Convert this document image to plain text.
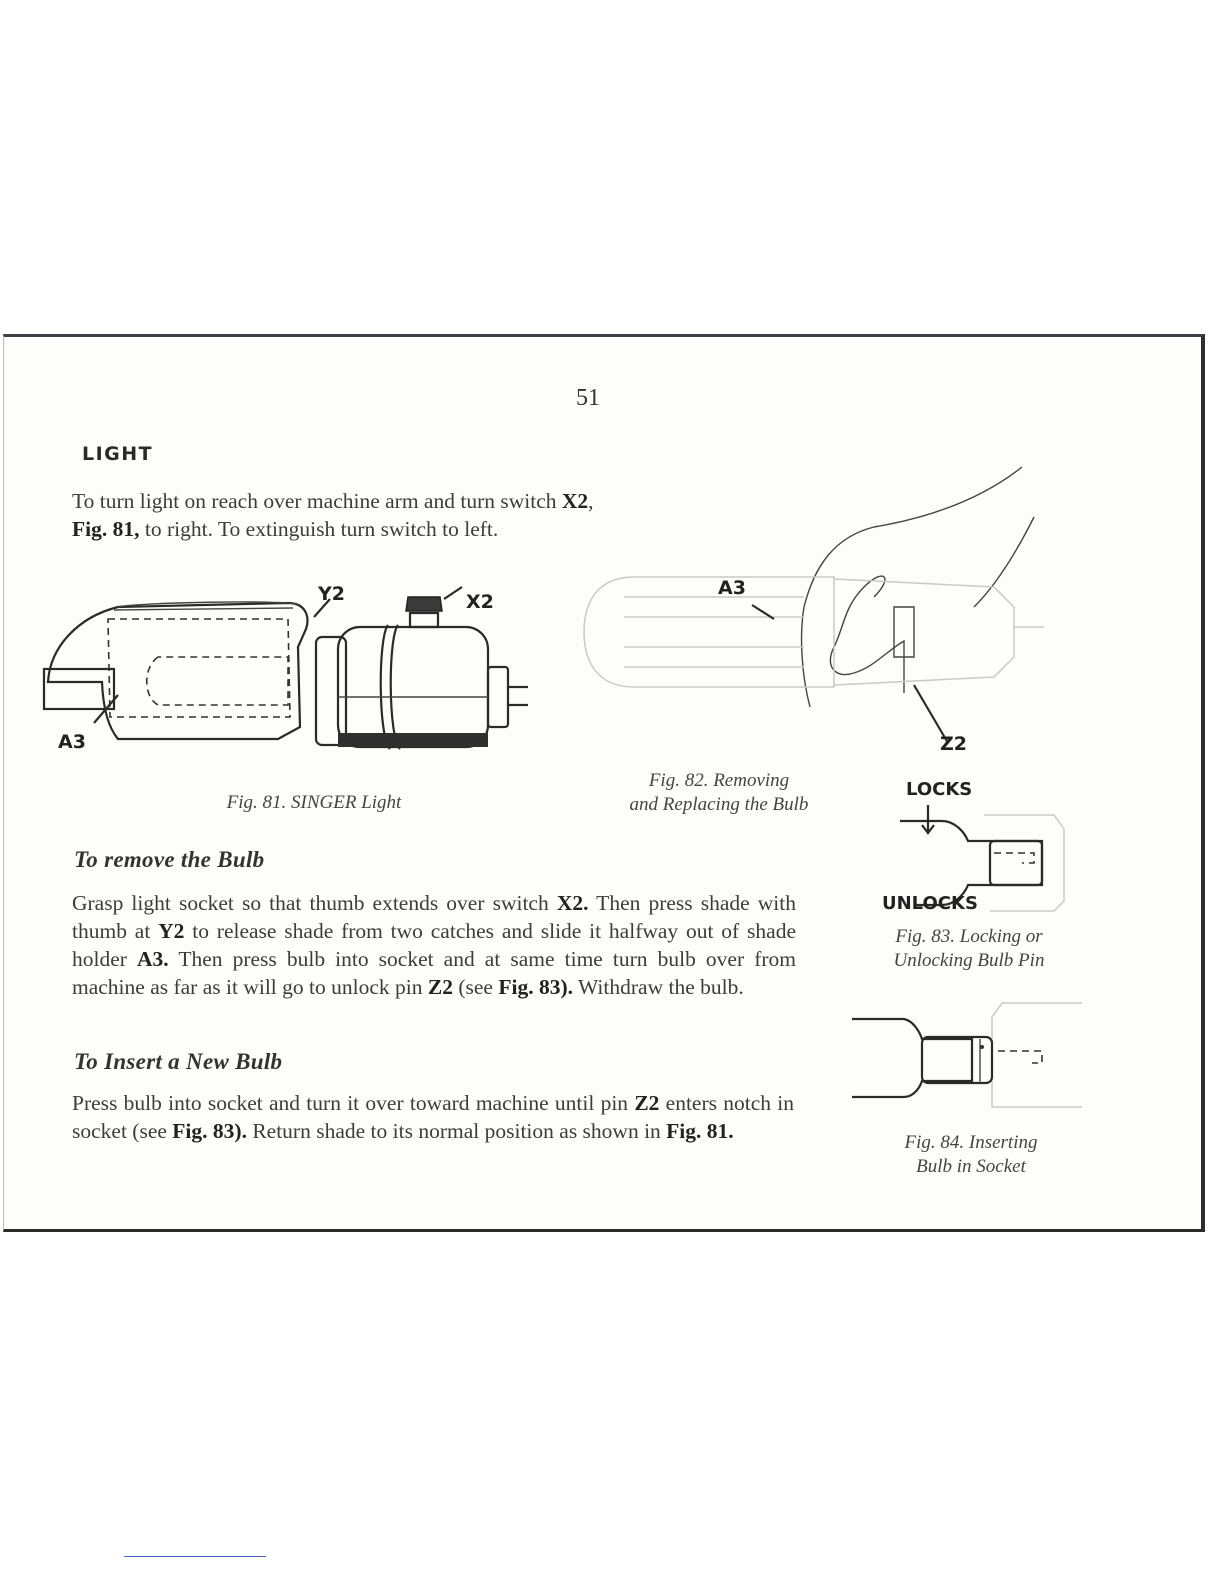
51
LIGHT
To turn light on reach over machine arm and turn switch X2,
Fig. 81, to right. To extinguish turn switch to left.
Y2	X2
A3
Fig. 81. SINGER Light
A3
Z2
Fig. 82. Removing
and Replacing the Bulb
LOCKS
UNLOCKS
Fig. 83. Locking or
Unlocking Bulb Pin
Fig. 84. Inserting
Bulb in Socket
To remove the Bulb
Grasp light socket so that thumb extends over switch X2. Then press shade with thumb at Y2 to release shade from two catches and slide it halfway out of shade holder A3. Then press bulb into socket and at same time turn bulb over from machine as far as it will go to unlock pin Z2 (see Fig. 83). Withdraw the bulb.
To Insert a New Bulb
Press bulb into socket and turn it over toward machine until pin Z2 enters notch in socket (see Fig. 83). Return shade to its normal position as shown in Fig. 81.
